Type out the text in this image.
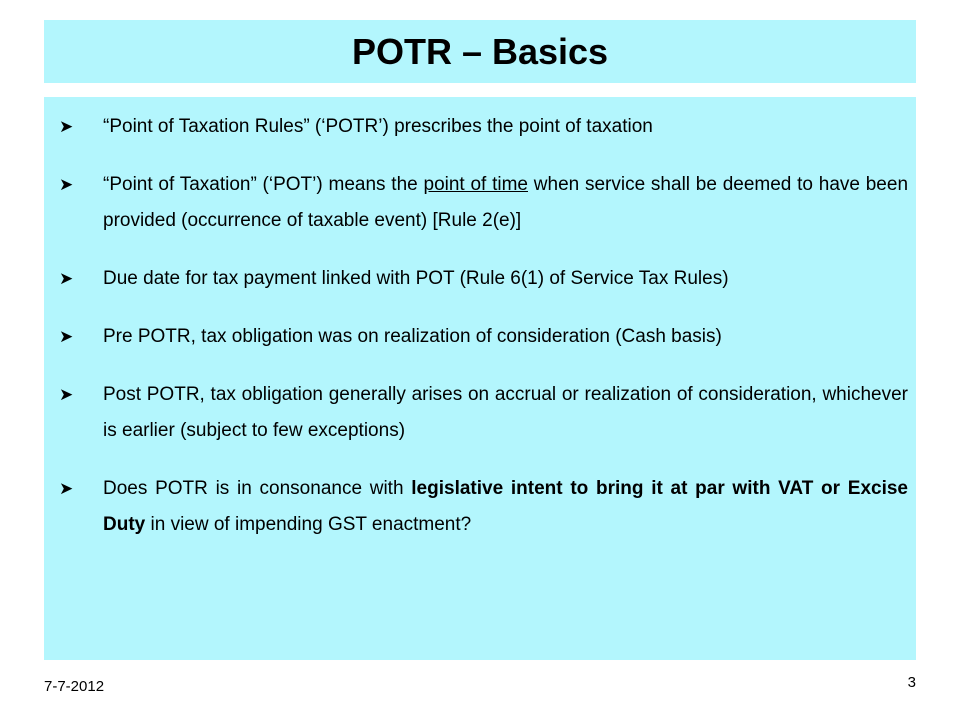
POTR – Basics
➤	“Point of Taxation Rules” (‘POTR’) prescribes the point of taxation
➤	“Point of Taxation” (‘POT’) means the point of time when service shall be deemed to have been provided (occurrence of taxable event) [Rule 2(e)]
➤	Due date for tax payment linked with POT (Rule 6(1) of Service Tax Rules)
➤	Pre POTR, tax obligation was on realization of consideration (Cash basis)
➤	Post POTR, tax obligation generally arises on accrual or realization of consideration, whichever is earlier (subject to few exceptions)
➤	Does POTR is in consonance with legislative intent to bring it at par with VAT or Excise Duty in view of impending GST enactment?
7-7-2012	3
